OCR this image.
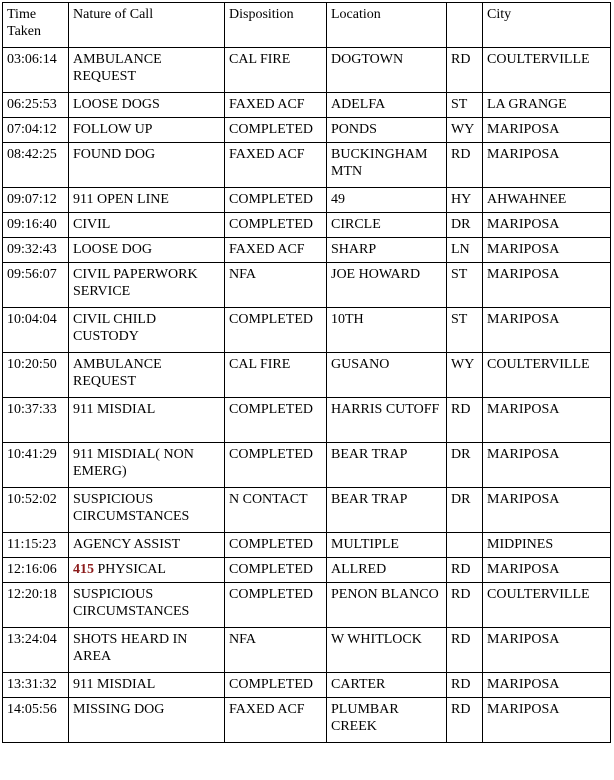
Time Taken	Nature of Call	Disposition	Location		City
03:06:14	AMBULANCE REQUEST	CAL FIRE	DOGTOWN	RD	COULTERVILLE
06:25:53	LOOSE DOGS	FAXED ACF	ADELFA	ST	LA GRANGE
07:04:12	FOLLOW UP	COMPLETED	PONDS	WY	MARIPOSA
08:42:25	FOUND DOG	FAXED ACF	BUCKINGHAM MTN	RD	MARIPOSA
09:07:12	911 OPEN LINE	COMPLETED	49	HY	AHWAHNEE
09:16:40	CIVIL	COMPLETED	CIRCLE	DR	MARIPOSA
09:32:43	LOOSE DOG	FAXED ACF	SHARP	LN	MARIPOSA
09:56:07	CIVIL PAPERWORK SERVICE	NFA	JOE HOWARD	ST	MARIPOSA
10:04:04	CIVIL CHILD CUSTODY	COMPLETED	10TH	ST	MARIPOSA
10:20:50	AMBULANCE REQUEST	CAL FIRE	GUSANO	WY	COULTERVILLE
10:37:33	911 MISDIAL	COMPLETED	HARRIS CUTOFF	RD	MARIPOSA
10:41:29	911 MISDIAL( NON EMERG)	COMPLETED	BEAR TRAP	DR	MARIPOSA
10:52:02	SUSPICIOUS CIRCUMSTANCES	N CONTACT	BEAR TRAP	DR	MARIPOSA
11:15:23	AGENCY ASSIST	COMPLETED	MULTIPLE		MIDPINES
12:16:06	415 PHYSICAL	COMPLETED	ALLRED	RD	MARIPOSA
12:20:18	SUSPICIOUS CIRCUMSTANCES	COMPLETED	PENON BLANCO	RD	COULTERVILLE
13:24:04	SHOTS HEARD IN AREA	NFA	W WHITLOCK	RD	MARIPOSA
13:31:32	911 MISDIAL	COMPLETED	CARTER	RD	MARIPOSA
14:05:56	MISSING DOG	FAXED ACF	PLUMBAR CREEK	RD	MARIPOSA
